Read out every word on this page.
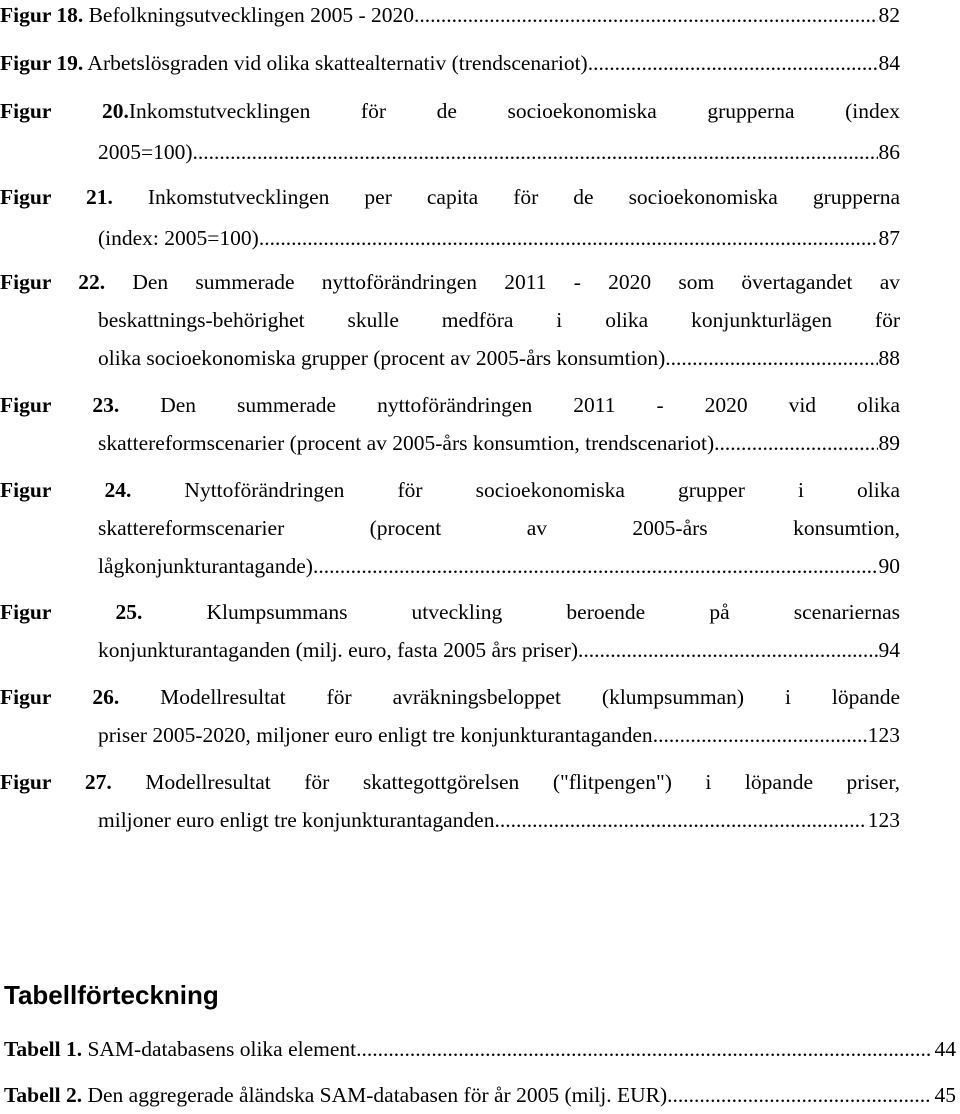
Figur 18. Befolkningsutvecklingen 2005 - 2020 .....	82
Figur 19. Arbetslösgraden vid olika skattealternativ (trendscenariot) .....	84
Figur 20.Inkomstutvecklingen för de socioekonomiska grupperna (index
2005=100) .....	86
Figur 21. Inkomstutvecklingen per capita för de socioekonomiska grupperna
(index: 2005=100) .....	87
Figur 22. Den summerade nyttoförändringen 2011 - 2020 som övertagandet av
beskattnings-behörighet skulle medföra i olika konjunkturlägen för
olika socioekonomiska grupper (procent av 2005-års konsumtion) .....	88
Figur 23. Den summerade nyttoförändringen 2011 - 2020 vid olika
skattereformscenarier (procent av 2005-års konsumtion, trendscenariot) .....	89
Figur 24. Nyttoförändringen för socioekonomiska grupper i olika
skattereformscenarier (procent av 2005-års konsumtion,
lågkonjunkturantagande) .....	90
Figur	25.	Klumpsummans utveckling beroende på scenariernas
konjunkturantaganden (milj. euro, fasta 2005 års priser) .....	94
Figur 26. Modellresultat för avräkningsbeloppet (klumpsumman) i löpande
priser 2005-2020, miljoner euro enligt tre konjunkturantaganden .....	123
Figur 27. Modellresultat för skattegottgörelsen ("flitpengen") i löpande priser,
miljoner euro enligt tre konjunkturantaganden .....	123
Tabellförteckning
Tabell 1. SAM-databasens olika element .....	44
Tabell 2. Den aggregerade åländska SAM-databasen för år 2005 (milj. EUR) .....	45
